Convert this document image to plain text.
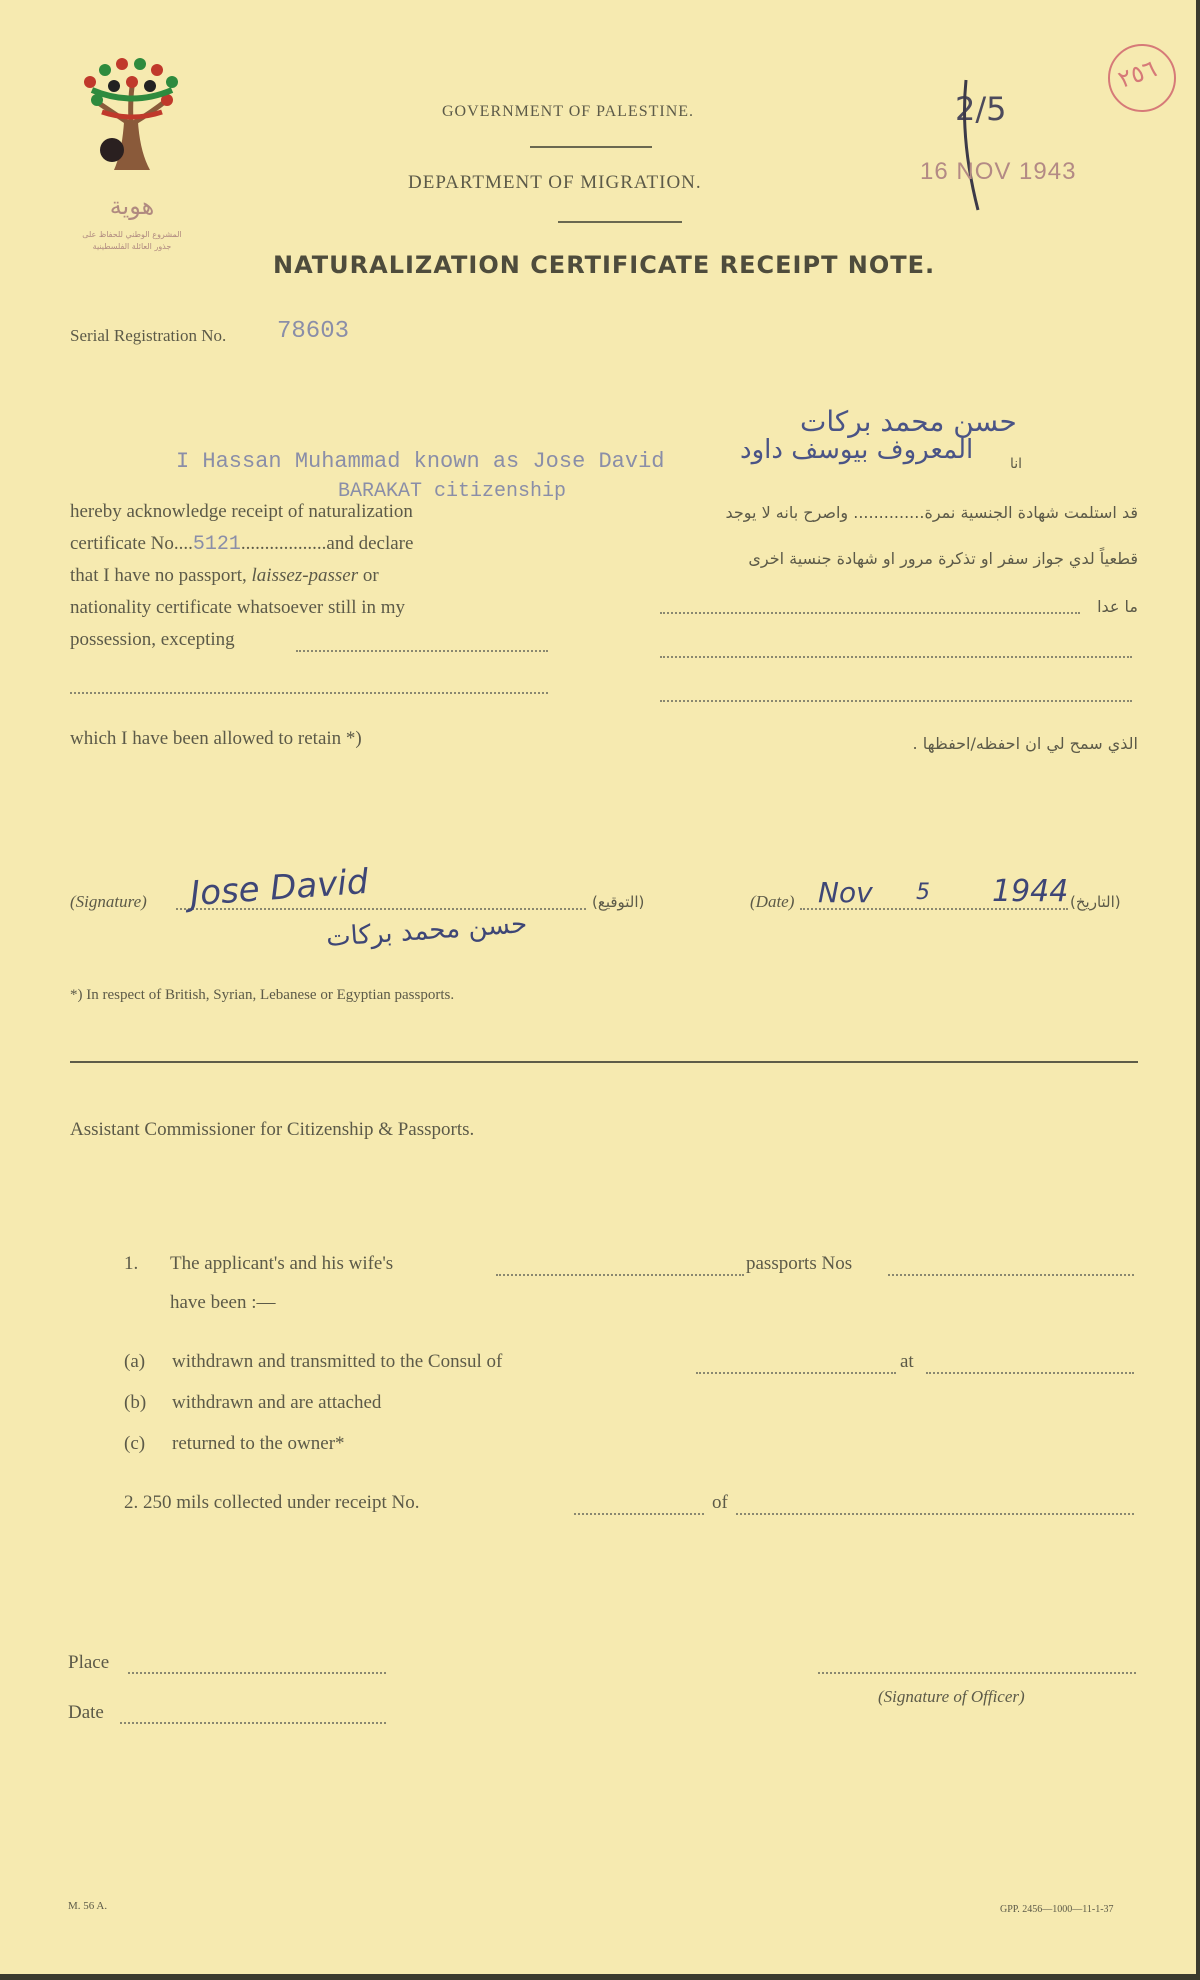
هوية
المشروع الوطني للحفاظ على
جذور العائلة الفلسطينية
GOVERNMENT OF PALESTINE.
DEPARTMENT OF MIGRATION.
NATURALIZATION CERTIFICATE RECEIPT NOTE.
2/5
16 NOV 1943
٢٥٦
Serial Registration No. 78603
حسن محمد بركات
I Hassan Muhammad known as Jose David	المعروف بيوسف داود	انا
BARAKAT citizenship
hereby acknowledge receipt of naturalization
certificate No....5121..................and declare
that I have no passport, laissez-passer or
nationality certificate whatsoever still in my
possession, excepting
which I have been allowed to retain *)
قد استلمت شهادة الجنسية نمرة.............. واصرح بانه لا يوجد
قطعياً لدي جواز سفر او تذكرة مرور او شهادة جنسية اخرى
ما عدا
الذي سمح لي ان احفظه/احفظها .
(Signature) Jose David
حسن محمد بركات
(التوقيع)	(Date) Nov 5 1944 (التاريخ)
*) In respect of British, Syrian, Lebanese or Egyptian passports.
Assistant Commissioner for Citizenship & Passports.
1. The applicant's and his wife's	passports Nos
have been :—
(a) withdrawn and transmitted to the Consul of	at
(b) withdrawn and are attached
(c) returned to the owner*
2. 250 mils collected under receipt No.	of
Place
Date
(Signature of Officer)
M. 56 A.	GPP. 2456—1000—11-1-37
